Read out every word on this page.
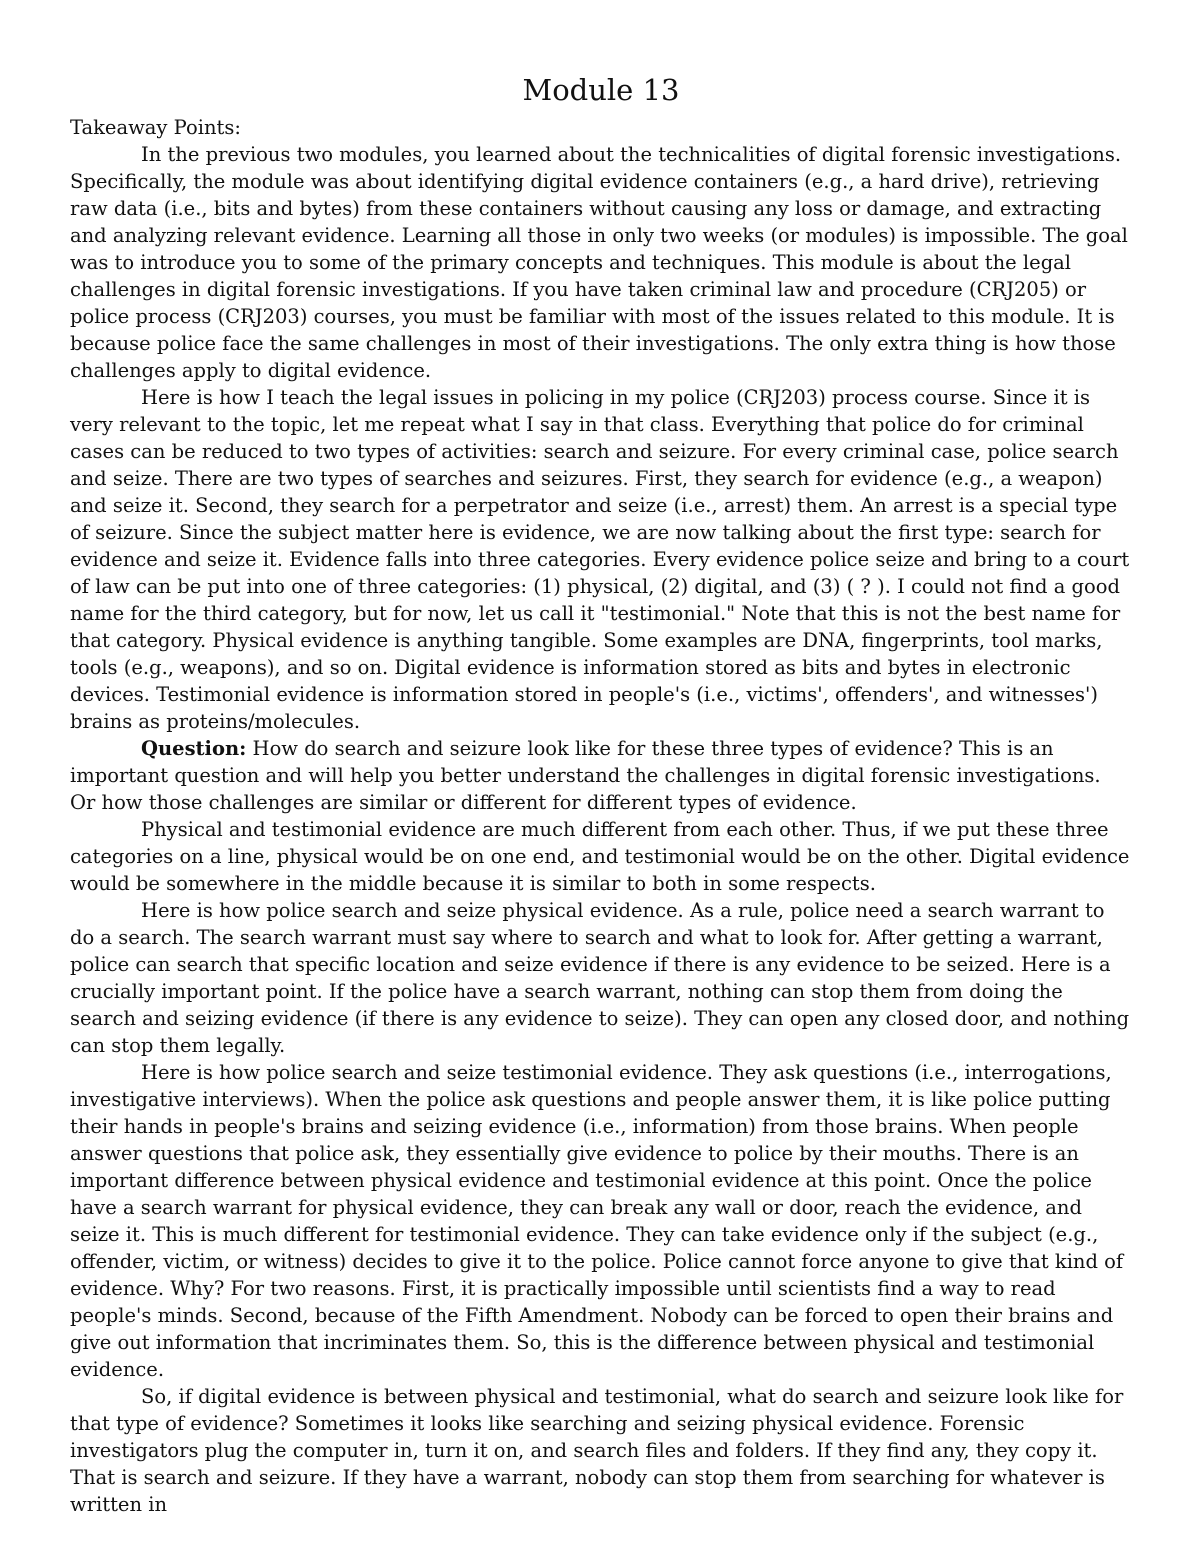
Module 13

Takeaway Points:

In the previous two modules, you learned about the technicalities of digital forensic investigations. Specifically, the module was about identifying digital evidence containers (e.g., a hard drive), retrieving raw data (i.e., bits and bytes) from these containers without causing any loss or damage, and extracting and analyzing relevant evidence. Learning all those in only two weeks (or modules) is impossible. The goal was to introduce you to some of the primary concepts and techniques. This module is about the legal challenges in digital forensic investigations. If you have taken criminal law and procedure (CRJ205) or police process (CRJ203) courses, you must be familiar with most of the issues related to this module. It is because police face the same challenges in most of their investigations. The only extra thing is how those challenges apply to digital evidence.

Here is how I teach the legal issues in policing in my police (CRJ203) process course. Since it is very relevant to the topic, let me repeat what I say in that class. Everything that police do for criminal cases can be reduced to two types of activities: search and seizure. For every criminal case, police search and seize. There are two types of searches and seizures. First, they search for evidence (e.g., a weapon) and seize it. Second, they search for a perpetrator and seize (i.e., arrest) them. An arrest is a special type of seizure. Since the subject matter here is evidence, we are now talking about the first type: search for evidence and seize it. Evidence falls into three categories. Every evidence police seize and bring to a court of law can be put into one of three categories: (1) physical, (2) digital, and (3) ( ? ). I could not find a good name for the third category, but for now, let us call it "testimonial." Note that this is not the best name for that category. Physical evidence is anything tangible. Some examples are DNA, fingerprints, tool marks, tools (e.g., weapons), and so on. Digital evidence is information stored as bits and bytes in electronic devices. Testimonial evidence is information stored in people's (i.e., victims', offenders', and witnesses') brains as proteins/molecules.

Question: How do search and seizure look like for these three types of evidence? This is an important question and will help you better understand the challenges in digital forensic investigations. Or how those challenges are similar or different for different types of evidence.

Physical and testimonial evidence are much different from each other. Thus, if we put these three categories on a line, physical would be on one end, and testimonial would be on the other. Digital evidence would be somewhere in the middle because it is similar to both in some respects.

Here is how police search and seize physical evidence. As a rule, police need a search warrant to do a search. The search warrant must say where to search and what to look for. After getting a warrant, police can search that specific location and seize evidence if there is any evidence to be seized. Here is a crucially important point. If the police have a search warrant, nothing can stop them from doing the search and seizing evidence (if there is any evidence to seize). They can open any closed door, and nothing can stop them legally.

Here is how police search and seize testimonial evidence. They ask questions (i.e., interrogations, investigative interviews). When the police ask questions and people answer them, it is like police putting their hands in people's brains and seizing evidence (i.e., information) from those brains. When people answer questions that police ask, they essentially give evidence to police by their mouths. There is an important difference between physical evidence and testimonial evidence at this point. Once the police have a search warrant for physical evidence, they can break any wall or door, reach the evidence, and seize it. This is much different for testimonial evidence. They can take evidence only if the subject (e.g., offender, victim, or witness) decides to give it to the police. Police cannot force anyone to give that kind of evidence. Why? For two reasons. First, it is practically impossible until scientists find a way to read people's minds. Second, because of the Fifth Amendment. Nobody can be forced to open their brains and give out information that incriminates them. So, this is the difference between physical and testimonial evidence.

So, if digital evidence is between physical and testimonial, what do search and seizure look like for that type of evidence? Sometimes it looks like searching and seizing physical evidence. Forensic investigators plug the computer in, turn it on, and search files and folders. If they find any, they copy it. That is search and seizure. If they have a warrant, nobody can stop them from searching for whatever is written in
